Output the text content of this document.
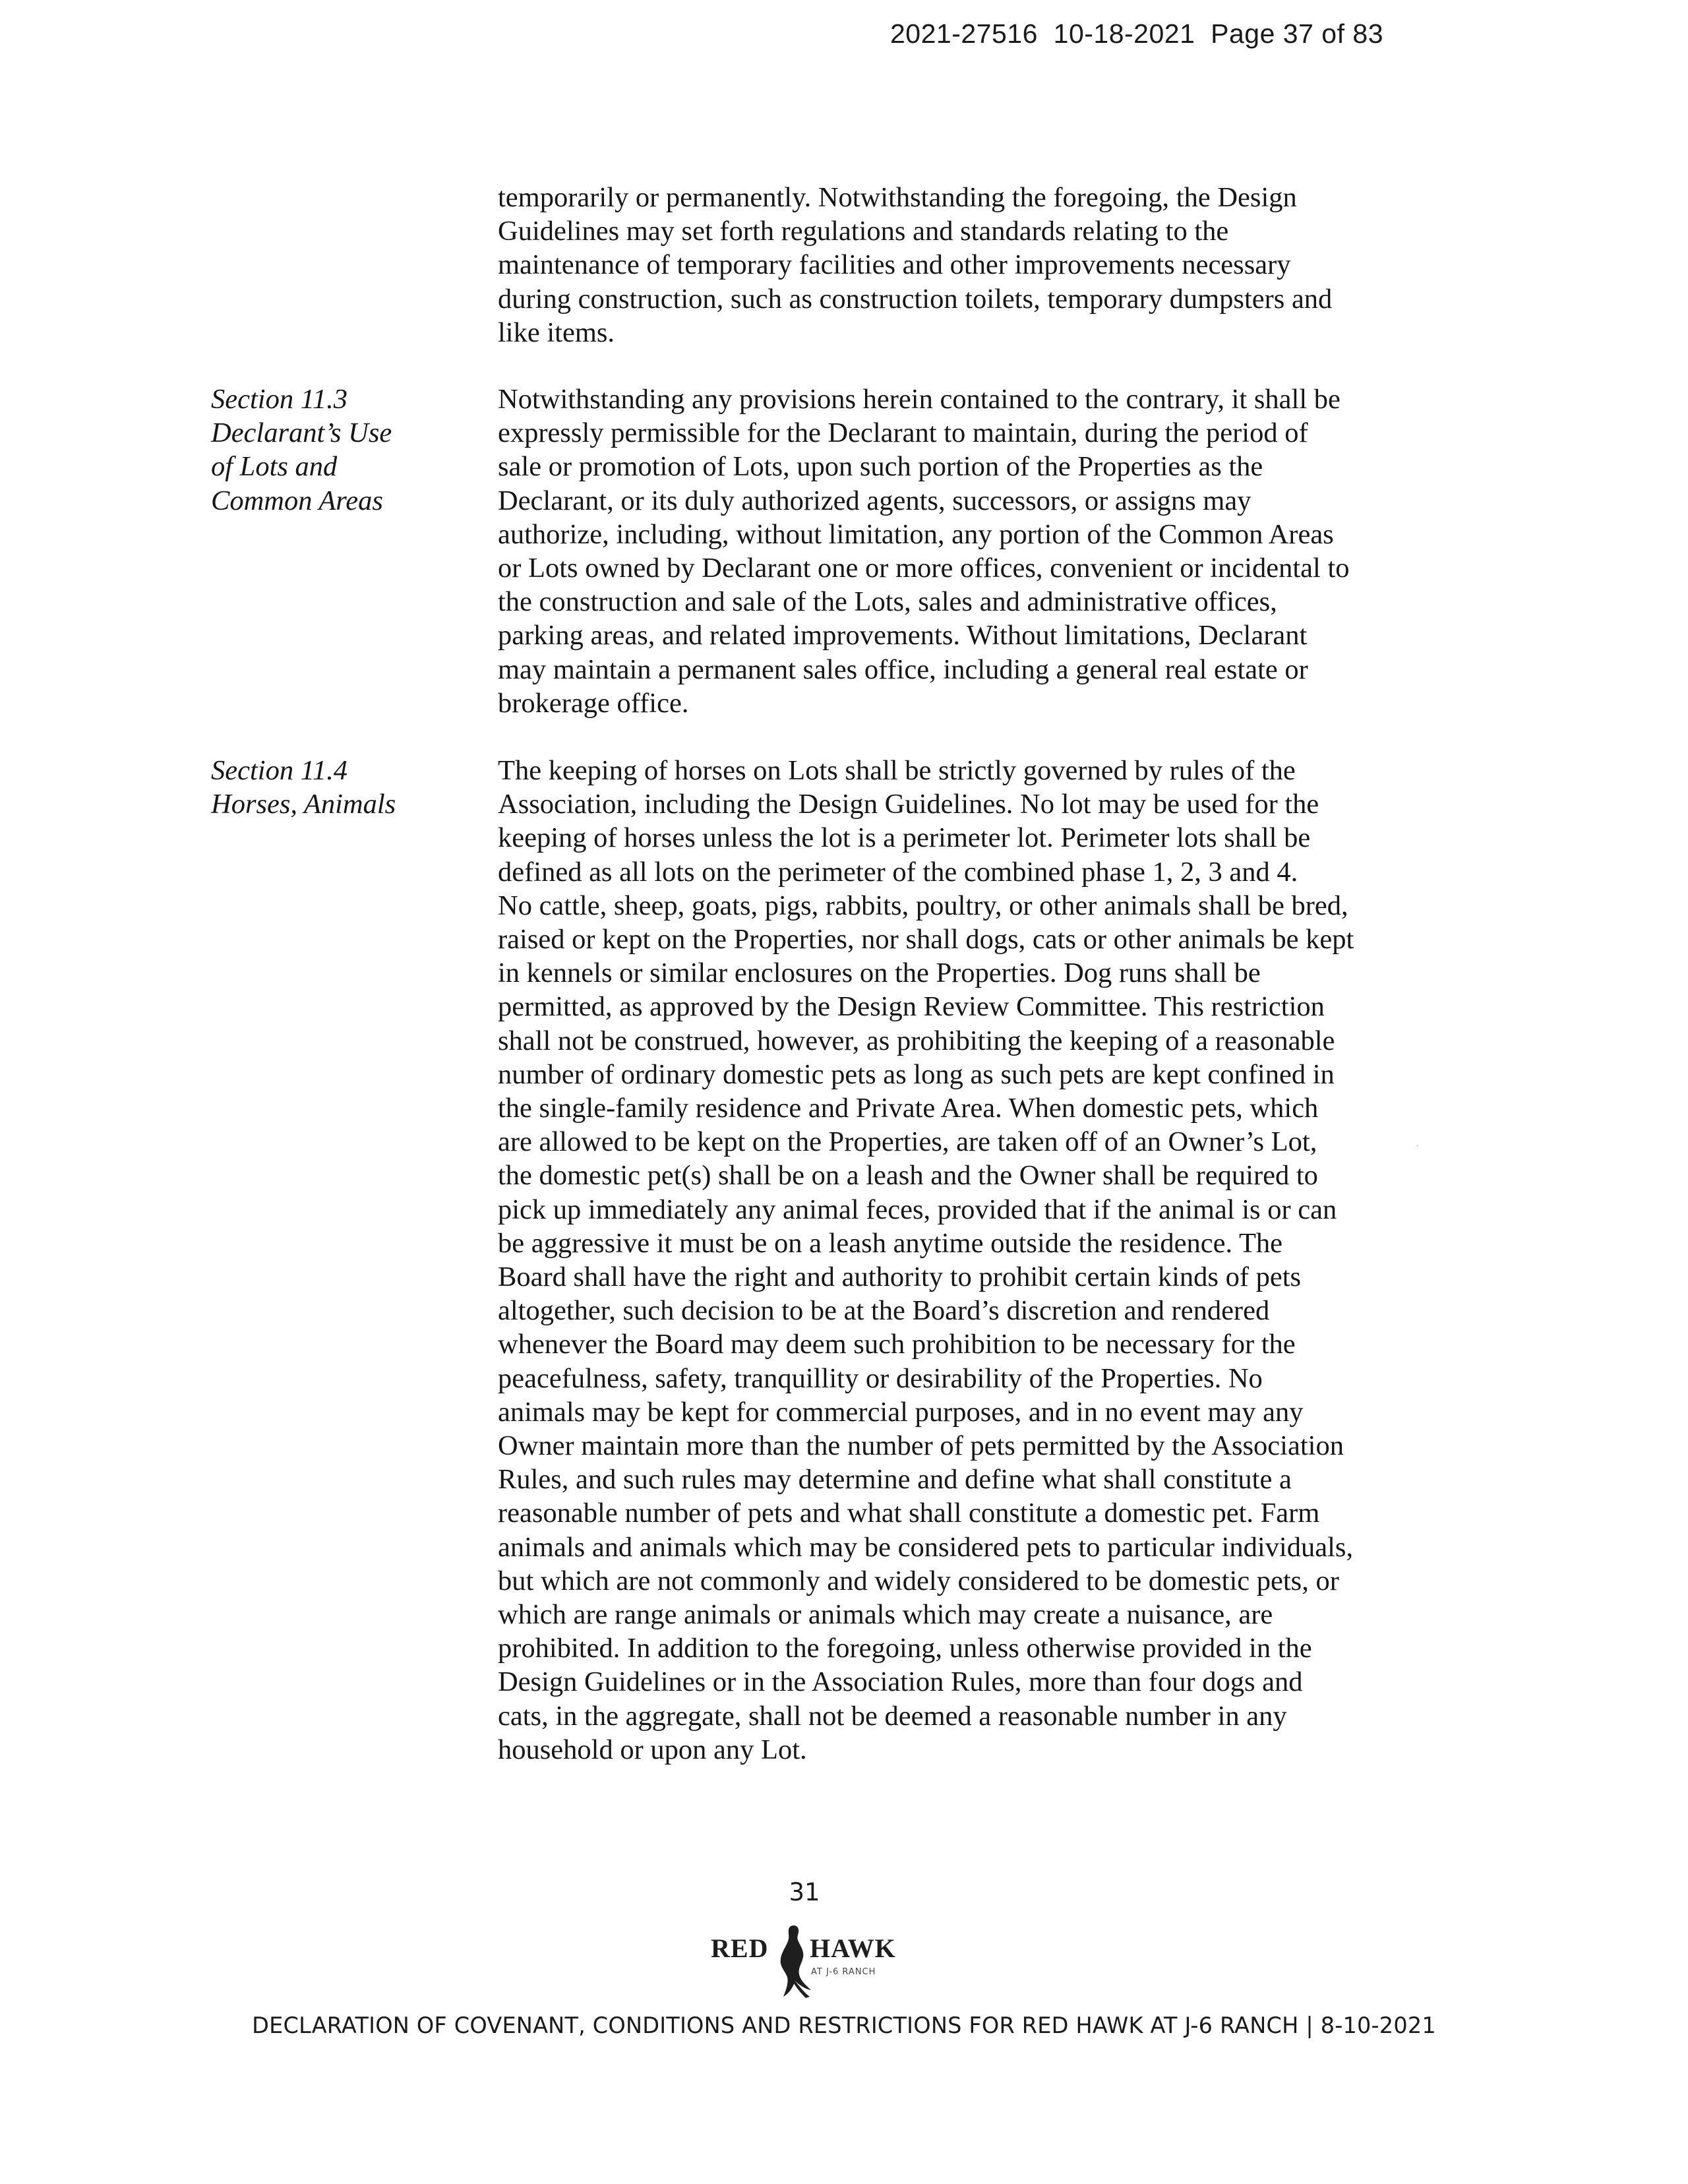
2021-27516  10-18-2021  Page 37 of 83
temporarily or permanently. Notwithstanding the foregoing, the Design
Guidelines may set forth regulations and standards relating to the
maintenance of temporary facilities and other improvements necessary
during construction, such as construction toilets, temporary dumpsters and
like items.
Section 11.3
Declarant’s Use
of Lots and
Common Areas
Notwithstanding any provisions herein contained to the contrary, it shall be
expressly permissible for the Declarant to maintain, during the period of
sale or promotion of Lots, upon such portion of the Properties as the
Declarant, or its duly authorized agents, successors, or assigns may
authorize, including, without limitation, any portion of the Common Areas
or Lots owned by Declarant one or more offices, convenient or incidental to
the construction and sale of the Lots, sales and administrative offices,
parking areas, and related improvements. Without limitations, Declarant
may maintain a permanent sales office, including a general real estate or
brokerage office.
Section 11.4
Horses, Animals
The keeping of horses on Lots shall be strictly governed by rules of the
Association, including the Design Guidelines. No lot may be used for the
keeping of horses unless the lot is a perimeter lot. Perimeter lots shall be
defined as all lots on the perimeter of the combined phase 1, 2, 3 and 4.
No cattle, sheep, goats, pigs, rabbits, poultry, or other animals shall be bred,
raised or kept on the Properties, nor shall dogs, cats or other animals be kept
in kennels or similar enclosures on the Properties. Dog runs shall be
permitted, as approved by the Design Review Committee. This restriction
shall not be construed, however, as prohibiting the keeping of a reasonable
number of ordinary domestic pets as long as such pets are kept confined in
the single-family residence and Private Area. When domestic pets, which
are allowed to be kept on the Properties, are taken off of an Owner’s Lot,
the domestic pet(s) shall be on a leash and the Owner shall be required to
pick up immediately any animal feces, provided that if the animal is or can
be aggressive it must be on a leash anytime outside the residence. The
Board shall have the right and authority to prohibit certain kinds of pets
altogether, such decision to be at the Board’s discretion and rendered
whenever the Board may deem such prohibition to be necessary for the
peacefulness, safety, tranquillity or desirability of the Properties. No
animals may be kept for commercial purposes, and in no event may any
Owner maintain more than the number of pets permitted by the Association
Rules, and such rules may determine and define what shall constitute a
reasonable number of pets and what shall constitute a domestic pet. Farm
animals and animals which may be considered pets to particular individuals,
but which are not commonly and widely considered to be domestic pets, or
which are range animals or animals which may create a nuisance, are
prohibited. In addition to the foregoing, unless otherwise provided in the
Design Guidelines or in the Association Rules, more than four dogs and
cats, in the aggregate, shall not be deemed a reasonable number in any
household or upon any Lot.
31
RED HAWK
AT J-6 RANCH
DECLARATION OF COVENANT, CONDITIONS AND RESTRICTIONS FOR RED HAWK AT J-6 RANCH | 8-10-2021
